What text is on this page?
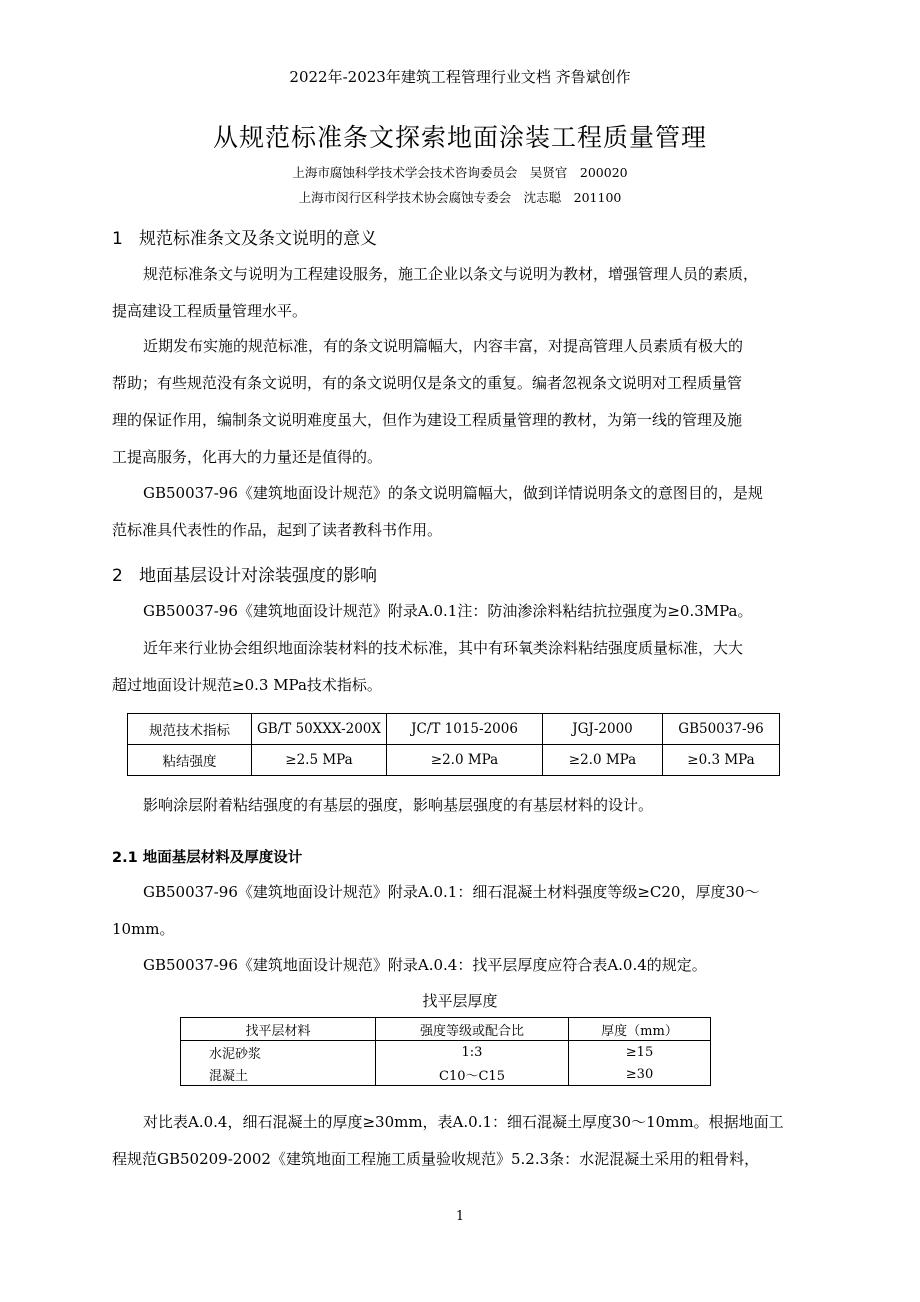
2022年-2023年建筑工程管理行业文档 齐鲁斌创作
从规范标准条文探索地面涂装工程质量管理
上海市腐蚀科学技术学会技术咨询委员会　吴贤官　200020
上海市闵行区科学技术协会腐蚀专委会　沈志聪　201100
1 规范标准条文及条文说明的意义
规范标准条文与说明为工程建设服务，施工企业以条文与说明为教材，增强管理人员的素质，
提高建设工程质量管理水平。
近期发布实施的规范标准，有的条文说明篇幅大，内容丰富，对提高管理人员素质有极大的
帮助；有些规范没有条文说明，有的条文说明仅是条文的重复。编者忽视条文说明对工程质量管
理的保证作用，编制条文说明难度虽大，但作为建设工程质量管理的教材，为第一线的管理及施
工提高服务，化再大的力量还是值得的。
GB50037-96《建筑地面设计规范》的条文说明篇幅大，做到详情说明条文的意图目的，是规
范标准具代表性的作品，起到了读者教科书作用。
2 地面基层设计对涂装强度的影响
GB50037-96《建筑地面设计规范》附录A.0.1注：防油渗涂料粘结抗拉强度为≥0.3MPa。
近年来行业协会组织地面涂装材料的技术标准，其中有环氧类涂料粘结强度质量标准，大大
超过地面设计规范≥0.3 MPa技术指标。
规范技术指标	GB/T 50XXX-200X	JC/T 1015-2006	JGJ-2000	GB50037-96
粘结强度	≥2.5 MPa	≥2.0 MPa	≥2.0 MPa	≥0.3 MPa
影响涂层附着粘结强度的有基层的强度，影响基层强度的有基层材料的设计。
2.1 地面基层材料及厚度设计
GB50037-96《建筑地面设计规范》附录A.0.1：细石混凝土材料强度等级≥C20，厚度30～
10mm。
GB50037-96《建筑地面设计规范》附录A.0.4：找平层厚度应符合表A.0.4的规定。
找平层厚度
找平层材料	强度等级或配合比	厚度（mm）
水泥砂浆	1:3	≥15
混凝土	C10～C15	≥30
对比表A.0.4，细石混凝土的厚度≥30mm，表A.0.1：细石混凝土厚度30～10mm。根据地面工
程规范GB50209-2002《建筑地面工程施工质量验收规范》5.2.3条：水泥混凝土采用的粗骨料，
1
